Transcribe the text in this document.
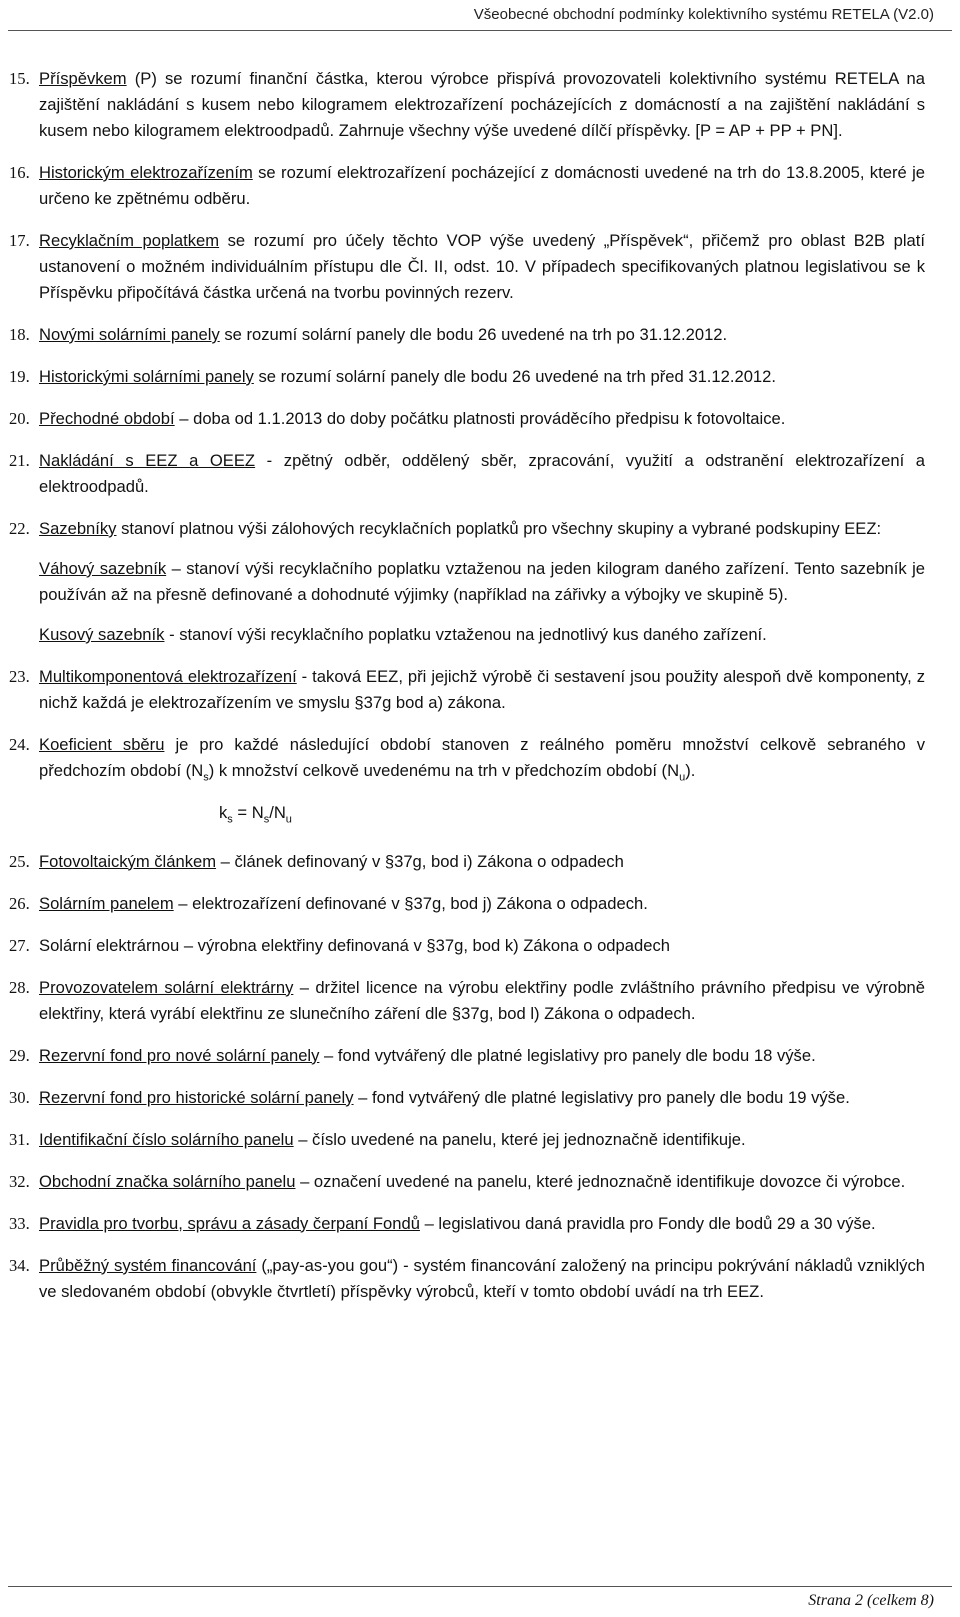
Všeobecné obchodní podmínky kolektivního systému RETELA (V2.0)
15. Příspěvkem (P) se rozumí finanční částka, kterou výrobce přispívá provozovateli kolektivního systému RETELA na zajištění nakládání s kusem nebo kilogramem elektrozařízení pocházejících z domácností a na zajištění nakládání s kusem nebo kilogramem elektroodpadů. Zahrnuje všechny výše uvedené dílčí příspěvky. [P = AP + PP + PN].
16. Historickým elektrozařízením se rozumí elektrozařízení pocházející z domácnosti uvedené na trh do 13.8.2005, které je určeno ke zpětnému odběru.
17. Recyklačním poplatkem se rozumí pro účely těchto VOP výše uvedený „Příspěvek“, přičemž pro oblast B2B platí ustanovení o možném individuálním přístupu dle Čl. II, odst. 10. V případech specifikovaných platnou legislativou se k Příspěvku připočítává částka určená na tvorbu povinných rezerv.
18. Novými solárními panely se rozumí solární panely dle bodu 26 uvedené na trh po 31.12.2012.
19. Historickými solárními panely se rozumí solární panely dle bodu 26 uvedené na trh před 31.12.2012.
20. Přechodné období – doba od 1.1.2013 do doby počátku platnosti prováděcího předpisu k fotovoltaice.
21. Nakládání s EEZ a OEEZ - zpětný odběr, oddělený sběr, zpracování, využití a odstranění elektrozařízení a elektroodpadů.
22. Sazebníky stanoví platnou výši zálohových recyklačních poplatků pro všechny skupiny a vybrané podskupiny EEZ:
Váhový sazebník – stanoví výši recyklačního poplatku vztaženou na jeden kilogram daného zařízení. Tento sazebník je používán až na přesně definované a dohodnuté výjimky (například na zářivky a výbojky ve skupině 5).
Kusový sazebník - stanoví výši recyklačního poplatku vztaženou na jednotlivý kus daného zařízení.
23. Multikomponentová elektrozařízení - taková EEZ, při jejichž výrobě či sestavení jsou použity alespoň dvě komponenty, z nichž každá je elektrozařízením ve smyslu §37g bod a) zákona.
24. Koeficient sběru je pro každé následující období stanoven z reálného poměru množství celkově sebraného v předchozím období $(N_s)$ k množství celkově uvedenému na trh v předchozím období $(N_u)$.
$k_s = N_s/N_u$
25. Fotovoltaickým článkem – článek definovaný v §37g, bod i) Zákona o odpadech
26. Solárním panelem – elektrozařízení definované v §37g, bod j) Zákona o odpadech.
27. Solární elektrárnou – výrobna elektřiny definovaná v §37g, bod k) Zákona o odpadech
28. Provozovatelem solární elektrárny – držitel licence na výrobu elektřiny podle zvláštního právního předpisu ve výrobně elektřiny, která vyrábí elektřinu ze slunečního záření dle §37g, bod l) Zákona o odpadech.
29. Rezervní fond pro nové solární panely – fond vytvářený dle platné legislativy pro panely dle bodu 18 výše.
30. Rezervní fond pro historické solární panely – fond vytvářený dle platné legislativy pro panely dle bodu 19 výše.
31. Identifikační číslo solárního panelu – číslo uvedené na panelu, které jej jednoznačně identifikuje.
32. Obchodní značka solárního panelu – označení uvedené na panelu, které jednoznačně identifikuje dovozce či výrobce.
33. Pravidla pro tvorbu, správu a zásady čerpaní Fondů – legislativou daná pravidla pro Fondy dle bodů 29 a 30 výše.
34. Průběžný systém financování („pay-as-you gou“) - systém financování založený na principu pokrývání nákladů vzniklých ve sledovaném období (obvykle čtvrtletí) příspěvky výrobců, kteří v tomto období uvádí na trh EEZ.
Strana 2 (celkem 8)
